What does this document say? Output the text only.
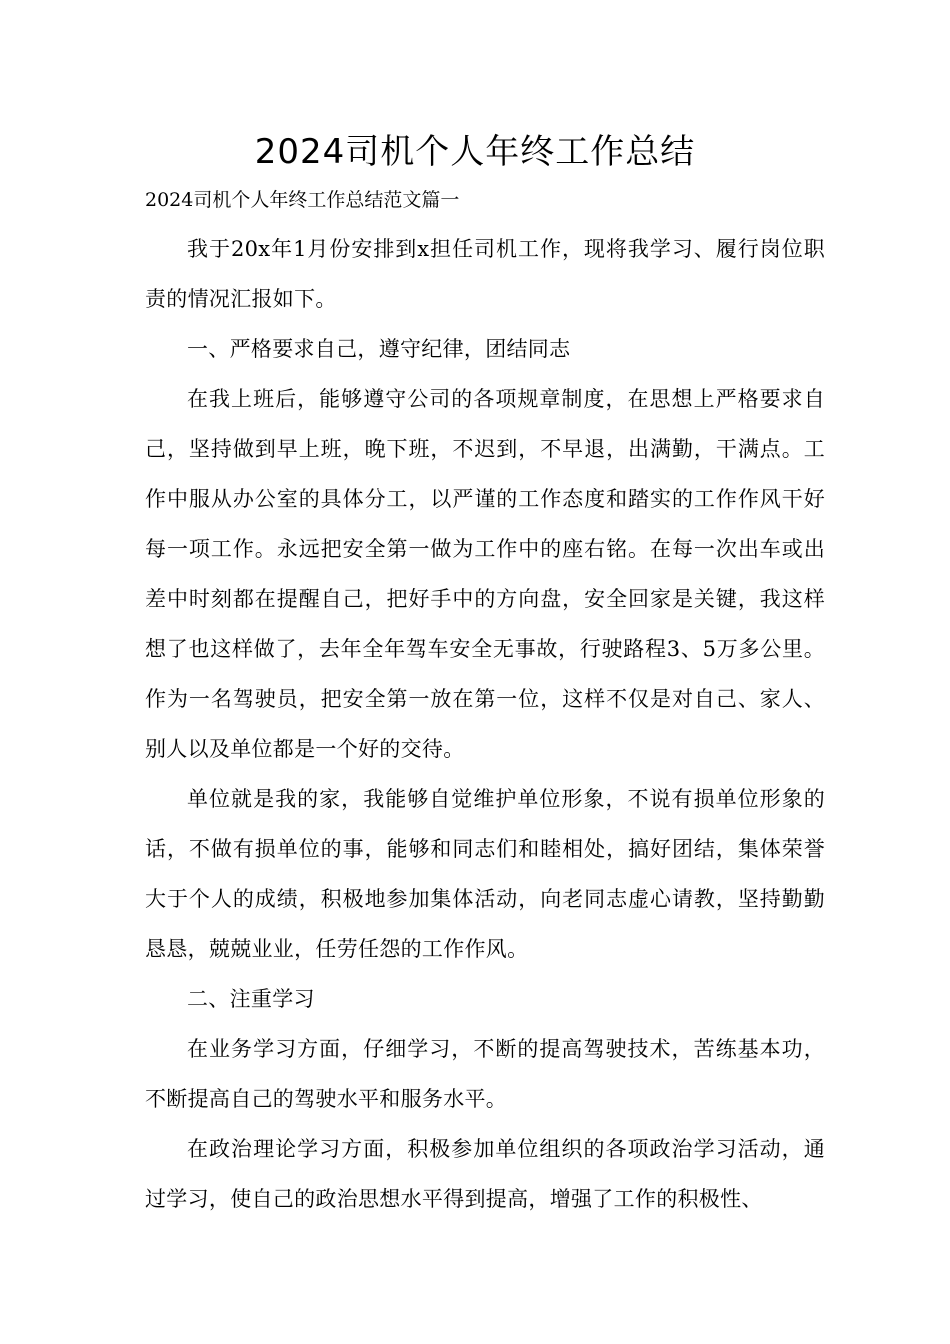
2024司机个人年终工作总结
2024司机个人年终工作总结范文篇一

我于20x年1月份安排到x担任司机工作，现将我学习、履行岗位职责的情况汇报如下。

一、严格要求自己，遵守纪律，团结同志

在我上班后，能够遵守公司的各项规章制度，在思想上严格要求自己，坚持做到早上班，晚下班，不迟到，不早退，出满勤，干满点。工作中服从办公室的具体分工，以严谨的工作态度和踏实的工作作风干好每一项工作。永远把安全第一做为工作中的座右铭。在每一次出车或出差中时刻都在提醒自己，把好手中的方向盘，安全回家是关键，我这样想了也这样做了，去年全年驾车安全无事故，行驶路程3、5万多公里。作为一名驾驶员，把安全第一放在第一位，这样不仅是对自己、家人、别人以及单位都是一个好的交待。

单位就是我的家，我能够自觉维护单位形象，不说有损单位形象的话，不做有损单位的事，能够和同志们和睦相处，搞好团结，集体荣誉大于个人的成绩，积极地参加集体活动，向老同志虚心请教，坚持勤勤恳恳，兢兢业业，任劳任怨的工作作风。

二、注重学习

在业务学习方面，仔细学习，不断的提高驾驶技术，苦练基本功，不断提高自己的驾驶水平和服务水平。

在政治理论学习方面，积极参加单位组织的各项政治学习活动，通过学习，使自己的政治思想水平得到提高，增强了工作的积极性、
